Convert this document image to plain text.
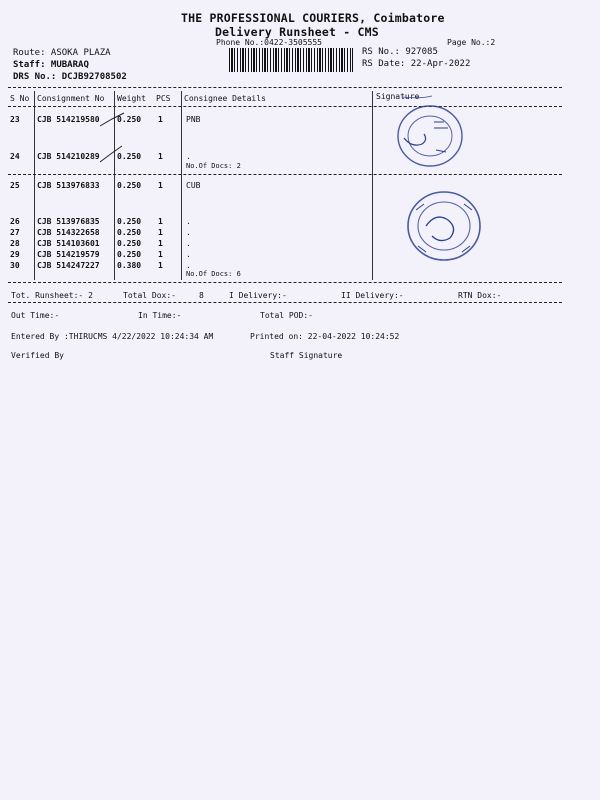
THE PROFESSIONAL COURIERS, Coimbatore
Delivery Runsheet - CMS
Phone No.:0422-3505555	Page No.:2
Route: ASOKA PLAZA
Staff: MUBARAQ
DRS No.: DCJB92708502
RS No.: 927085
RS Date: 22-Apr-2022
S No Consignment No Weight PCS Consignee Details	Signature
23 CJB 514219580 0.250 1	PNB
24 CJB 514210289 0.250 1	.
No.Of Docs: 2
25 CJB 513976833 0.250 1	CUB
26 CJB 513976835 0.250 1	.
27 CJB 514322658 0.250 1	.
28 CJB 514103601 0.250 1	.
29 CJB 514219579 0.250 1	.
30 CJB 514247227 0.380 1	.
No.Of Docs: 6
Tot. Runsheet:- 2	Total Dox:-	8	I Delivery:-	II Delivery:-	RTN Dox:-
Out Time:-	In Time:-	Total POD:-
Entered By :THIRUCMS 4/22/2022 10:24:34 AM	Printed on: 22-04-2022 10:24:52
Verified By	Staff Signature
